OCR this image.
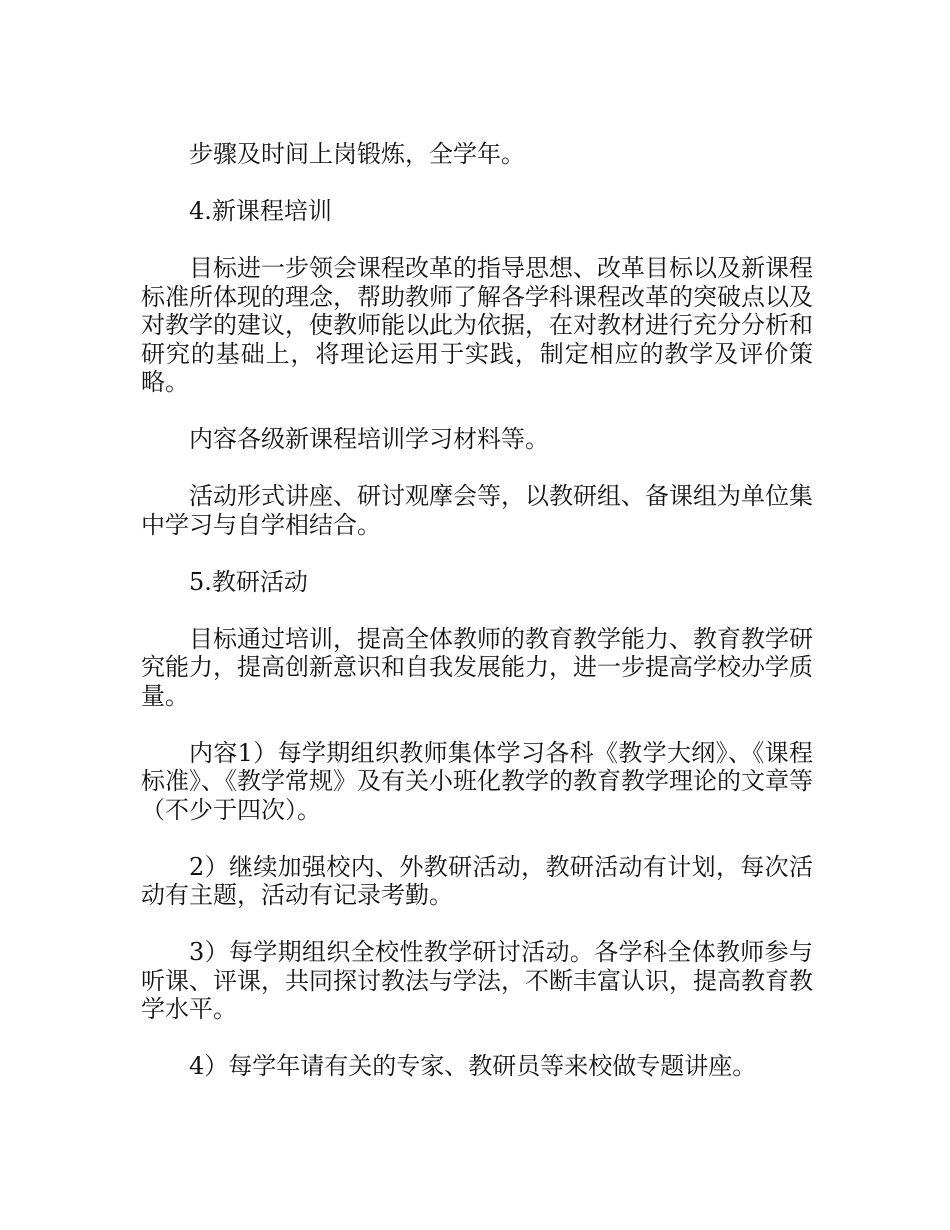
步骤及时间上岗锻炼，全学年。

4.新课程培训

目标进一步领会课程改革的指导思想、改革目标以及新课程标准所体现的理念，帮助教师了解各学科课程改革的突破点以及对教学的建议，使教师能以此为依据，在对教材进行充分分析和研究的基础上，将理论运用于实践，制定相应的教学及评价策略。

内容各级新课程培训学习材料等。

活动形式讲座、研讨观摩会等，以教研组、备课组为单位集中学习与自学相结合。

5.教研活动

目标通过培训，提高全体教师的教育教学能力、教育教学研究能力，提高创新意识和自我发展能力，进一步提高学校办学质量。

内容1）每学期组织教师集体学习各科《教学大纲》、《课程标准》、《教学常规》及有关小班化教学的教育教学理论的文章等（不少于四次）。

2）继续加强校内、外教研活动，教研活动有计划，每次活动有主题，活动有记录考勤。

3）每学期组织全校性教学研讨活动。各学科全体教师参与听课、评课，共同探讨教法与学法，不断丰富认识，提高教育教学水平。

4）每学年请有关的专家、教研员等来校做专题讲座。
